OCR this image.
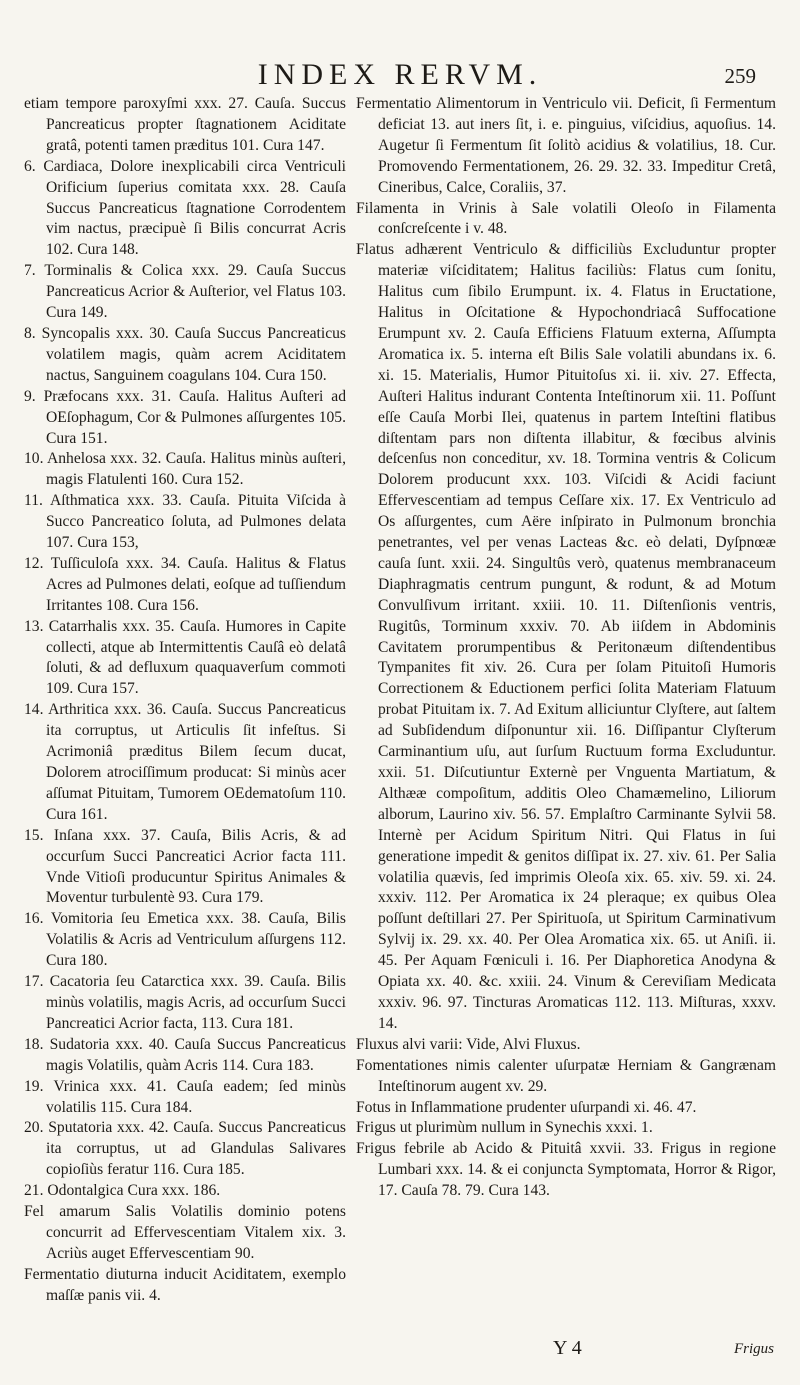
INDEX RERVM.	259

etiam tempore paroxyſmi xxx. 27. Cauſa. Succus Pancreaticus propter ſtagnationem Aciditate gratâ, potenti tamen præditus 101. Cura 147.

6. Cardiaca, Dolore inexplicabili circa Ventriculi Orificium ſuperius comitata xxx. 28. Cauſa Succus Pancreaticus ſtagnatione Corrodentem vim nactus, præcipuè ſi Bilis concurrat Acris 102. Cura 148.

7. Torminalis & Colica xxx. 29. Cauſa Succus Pancreaticus Acrior & Auſterior, vel Flatus 103. Cura 149.

8. Syncopalis xxx. 30. Cauſa Succus Pancreaticus volatilem magis, quàm acrem Aciditatem nactus, Sanguinem coagulans 104. Cura 150.

9. Præfocans xxx. 31. Cauſa. Halitus Auſteri ad OEſophagum, Cor & Pulmones aſſurgentes 105. Cura 151.

10. Anhelosa xxx. 32. Cauſa. Halitus minùs auſteri, magis Flatulenti 160. Cura 152.

11. Aſthmatica xxx. 33. Cauſa. Pituita Viſcida à Succo Pancreatico ſoluta, ad Pulmones delata 107. Cura 153,

12. Tuſſiculoſa xxx. 34. Cauſa. Halitus & Flatus Acres ad Pulmones delati, eoſque ad tuſſiendum Irritantes 108. Cura 156.

13. Catarrhalis xxx. 35. Cauſa. Humores in Capite collecti, atque ab Intermittentis Cauſâ eò delatâ ſoluti, & ad defluxum quaquaverſum commoti 109. Cura 157.

14. Arthritica xxx. 36. Cauſa. Succus Pancreaticus ita corruptus, ut Articulis ſit infeſtus. Si Acrimoniâ præditus Bilem ſecum ducat, Dolorem atrociſſimum producat: Si minùs acer aſſumat Pituitam, Tumorem OEdematoſum 110. Cura 161.

15. Inſana xxx. 37. Cauſa, Bilis Acris, & ad occurſum Succi Pancreatici Acrior facta 111. Vnde Vitioſi producuntur Spiritus Animales & Moventur turbulentè 93. Cura 179.

16. Vomitoria ſeu Emetica xxx. 38. Cauſa, Bilis Volatilis & Acris ad Ventriculum aſſurgens 112. Cura 180.

17. Cacatoria ſeu Catarctica xxx. 39. Cauſa. Bilis minùs volatilis, magis Acris, ad occurſum Succi Pancreatici Acrior facta, 113. Cura 181.

18. Sudatoria xxx. 40. Cauſa Succus Pancreaticus magis Volatilis, quàm Acris 114. Cura 183.

19. Vrinica xxx. 41. Cauſa eadem; ſed minùs volatilis 115. Cura 184.

20. Sputatoria xxx. 42. Cauſa. Succus Pancreaticus ita corruptus, ut ad Glandulas Salivares copioſiùs feratur 116. Cura 185.

21. Odontalgica Cura xxx. 186.

Fel amarum Salis Volatilis dominio potens concurrit ad Effervescentiam Vitalem xix. 3. Acriùs auget Effervescentiam 90.

Fermentatio diuturna inducit Aciditatem, exemplo maſſæ panis vii. 4.

Fermentatio Alimentorum in Ventriculo vii. Deficit, ſi Fermentum deficiat 13. aut iners ſit, i. e. pinguius, viſcidius, aquoſius. 14. Augetur ſi Fermentum ſit ſolitò acidius & volatilius, 18. Cur. Promovendo Fermentationem, 26. 29. 32. 33. Impeditur Cretâ, Cineribus, Calce, Coraliis, 37.

Filamenta in Vrinis à Sale volatili Oleoſo in Filamenta conſcreſcente i v. 48.

Flatus adhærent Ventriculo & difficiliùs Excluduntur propter materiæ viſciditatem; Halitus faciliùs: Flatus cum ſonitu, Halitus cum ſibilo Erumpunt. ix. 4. Flatus in Eructatione, Halitus in Oſcitatione & Hypochondriacâ Suffocatione Erumpunt xv. 2. Cauſa Efficiens Flatuum externa, Aſſumpta Aromatica ix. 5. interna eſt Bilis Sale volatili abundans ix. 6. xi. 15. Materialis, Humor Pituitoſus xi. ii. xiv. 27. Effecta, Auſteri Halitus indurant Contenta Inteſtinorum xii. 11. Poſſunt eſſe Cauſa Morbi Ilei, quatenus in partem Inteſtini flatibus diſtentam pars non diſtenta illabitur, & fœcibus alvinis deſcenſus non conceditur, xv. 18. Tormina ventris & Colicum Dolorem producunt xxx. 103. Viſcidi & Acidi faciunt Effervescentiam ad tempus Ceſſare xix. 17. Ex Ventriculo ad Os aſſurgentes, cum Aëre inſpirato in Pulmonum bronchia penetrantes, vel per venas Lacteas &c. eò delati, Dyſpnœæ cauſa ſunt. xxii. 24. Singultûs verò, quatenus membranaceum Diaphragmatis centrum pungunt, & rodunt, & ad Motum Convulſivum irritant. xxiii. 10. 11. Diſtenſionis ventris, Rugitûs, Torminum xxxiv. 70. Ab iiſdem in Abdominis Cavitatem prorumpentibus & Peritonæum diſtendentibus Tympanites fit xiv. 26. Cura per ſolam Pituitoſi Humoris Correctionem & Eductionem perfici ſolita Materiam Flatuum probat Pituitam ix. 7. Ad Exitum alliciuntur Clyſtere, aut ſaltem ad Subſidendum diſponuntur xii. 16. Diſſipantur Clyſterum Carminantium uſu, aut ſurſum Ructuum forma Excluduntur. xxii. 51. Diſcutiuntur Externè per Vnguenta Martiatum, & Althææ compoſitum, additis Oleo Chamæmelino, Liliorum alborum, Laurino xiv. 56. 57. Emplaſtro Carminante Sylvii 58. Internè per Acidum Spiritum Nitri. Qui Flatus in ſui generatione impedit & genitos diſſipat ix. 27. xiv. 61. Per Salia volatilia quævis, ſed imprimis Oleoſa xix. 65. xiv. 59. xi. 24. xxxiv. 112. Per Aromatica ix 24 pleraque; ex quibus Olea poſſunt deſtillari 27. Per Spirituoſa, ut Spiritum Carminativum Sylvij ix. 29. xx. 40. Per Olea Aromatica xix. 65. ut Aniſi. ii. 45. Per Aquam Fœniculi i. 16. Per Diaphoretica Anodyna & Opiata xx. 40. &c. xxiii. 24. Vinum & Cereviſiam Medicata xxxiv. 96. 97. Tincturas Aromaticas 112. 113. Miſturas, xxxv. 14.

Fluxus alvi varii: Vide, Alvi Fluxus.

Fomentationes nimis calenter uſurpatæ Herniam & Gangrænam Inteſtinorum augent xv. 29.

Fotus in Inflammatione prudenter uſurpandi xi. 46. 47.

Frigus ut plurimùm nullum in Synechis xxxi. 1.

Frigus febrile ab Acido & Pituitâ xxvii. 33. Frigus in regione Lumbari xxx. 14. & ei conjuncta Symptomata, Horror & Rigor, 17. Cauſa 78. 79. Cura 143.

Y 4	Frigus
